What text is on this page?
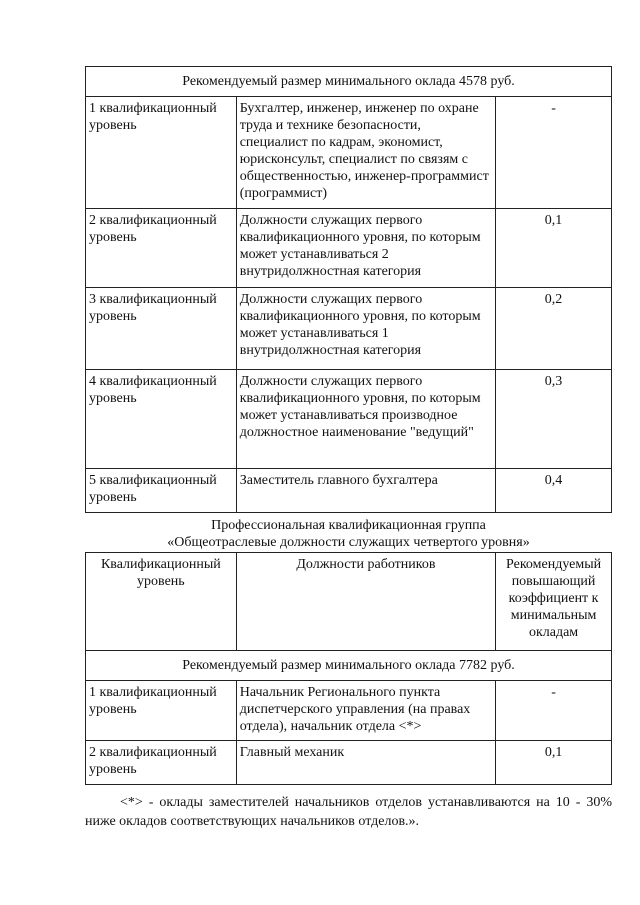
Рекомендуемый размер минимального оклада 4578 руб.		
1 квалификационный уровень	Бухгалтер, инженер, инженер по охране труда и технике безопасности, специалист по кадрам, экономист, юрисконсульт, специалист по связям с общественностью, инженер-программист (программист)	-
2 квалификационный уровень	Должности служащих первого квалификационного уровня, по которым может устанавливаться 2 внутридолжностная категория	0,1
3 квалификационный уровень	Должности служащих первого квалификационного уровня, по которым может устанавливаться 1 внутридолжностная категория	0,2
4 квалификационный уровень	Должности служащих первого квалификационного уровня, по которым может устанавливаться производное должностное наименование "ведущий"	0,3
5 квалификационный уровень	Заместитель главного бухгалтера	0,4
Профессиональная квалификационная группа
«Общеотраслевые должности служащих четвертого уровня»
Квалификационный уровень	Должности работников	Рекомендуемый повышающий коэффициент к минимальным окладам
Рекомендуемый размер минимального оклада 7782 руб.		
1 квалификационный уровень	Начальник Регионального пункта диспетчерского управления (на правах отдела), начальник отдела <*>	-
2 квалификационный уровень	Главный механик	0,1
<*> - оклады заместителей начальников отделов устанавливаются на 10 - 30% ниже окладов соответствующих начальников отделов.».
